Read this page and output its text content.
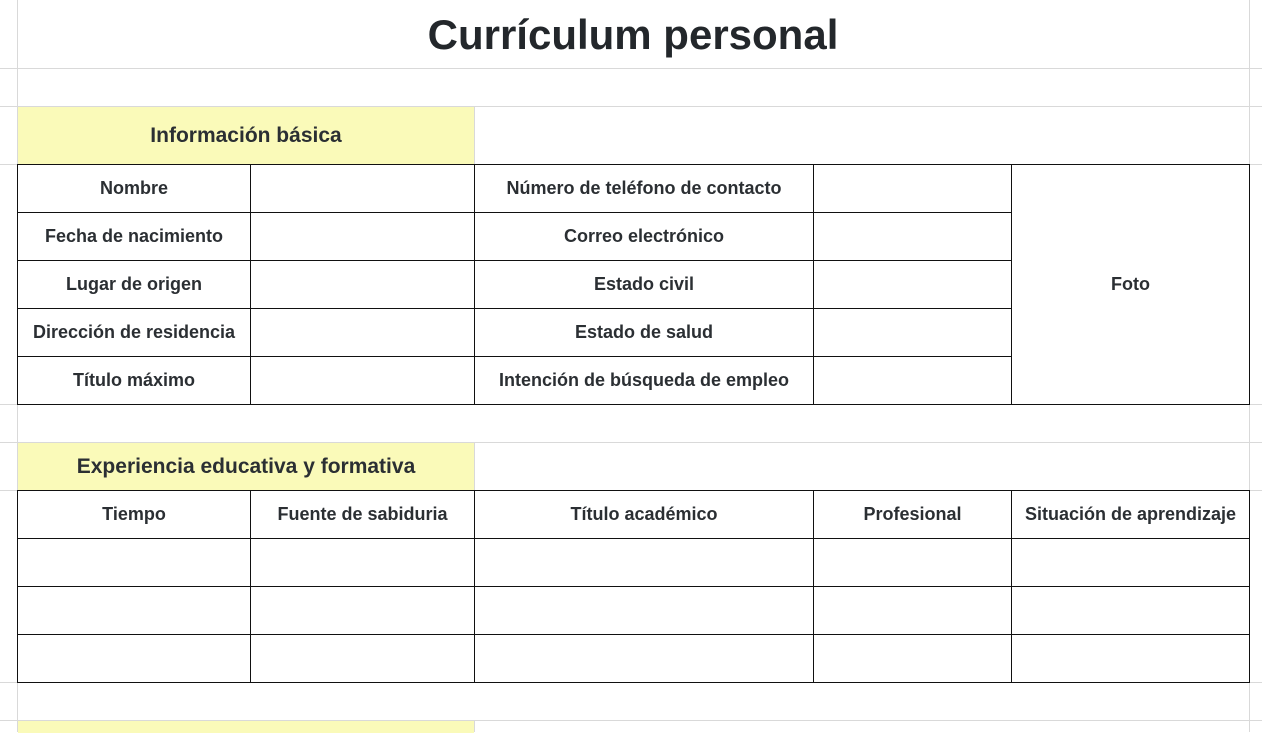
Currículum personal
Información básica
Nombre	Número de teléfono de contacto
Fecha de nacimiento	Correo electrónico
Lugar de origen	Estado civil
Dirección de residencia	Estado de salud
Título máximo	Intención de búsqueda de empleo
Foto
Experiencia educativa y formativa
Tiempo	Fuente de sabiduria	Título académico	Profesional	Situación de aprendizaje
